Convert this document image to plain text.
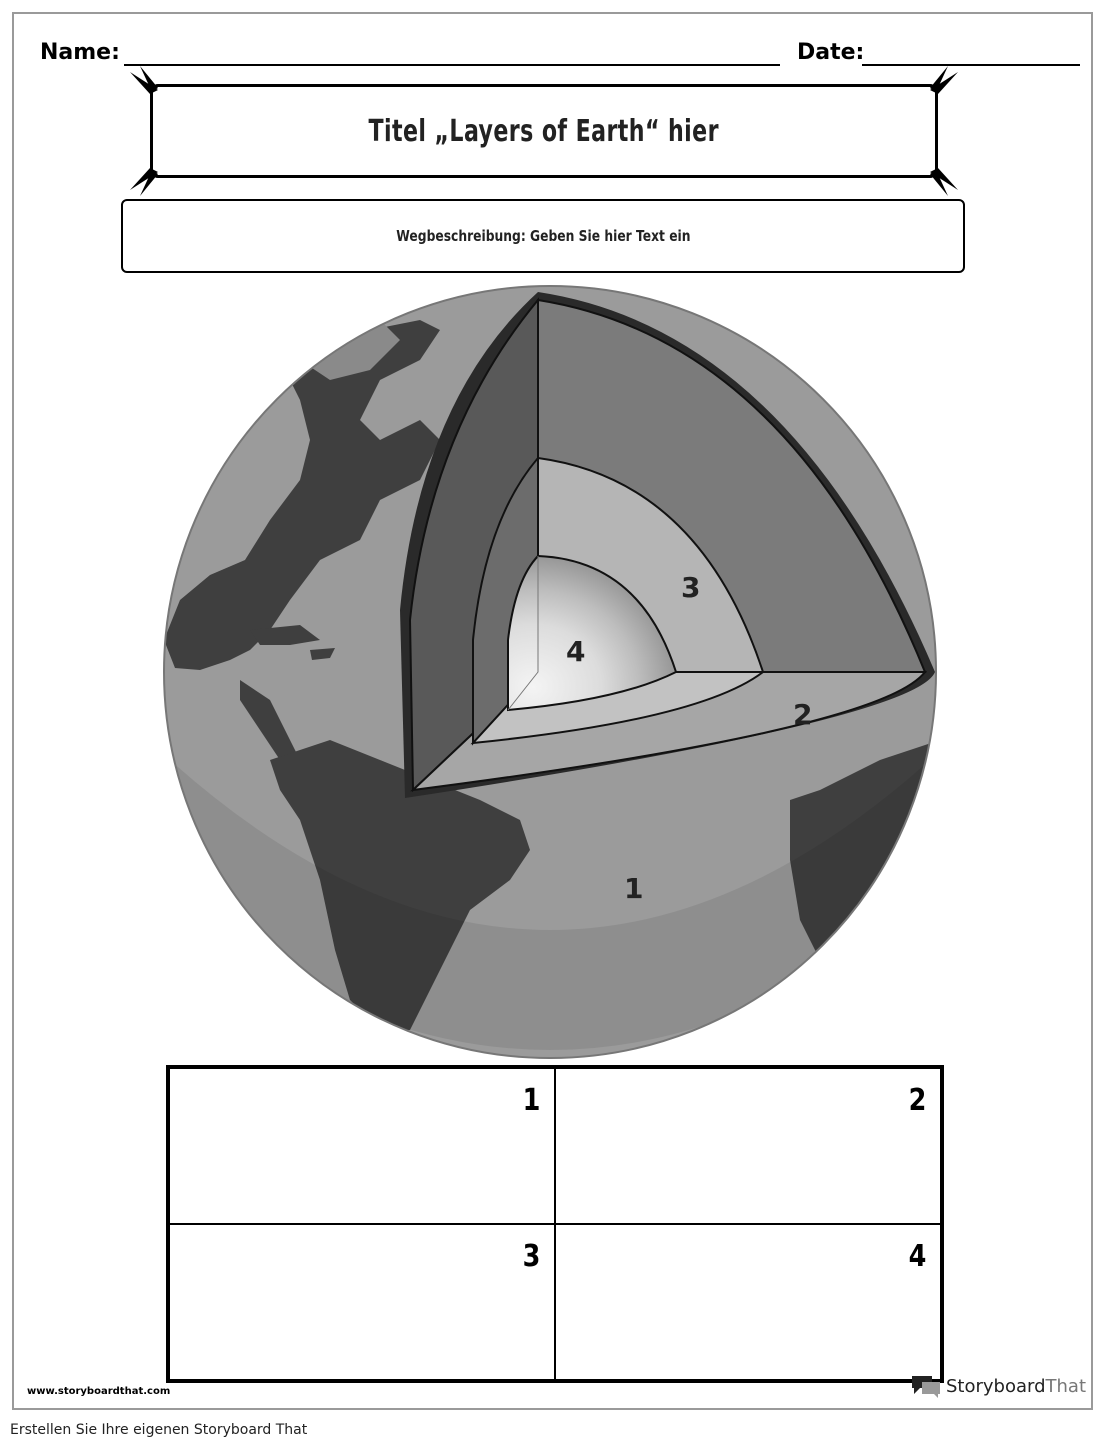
Name:	Date:
Titel „Layers of Earth“ hier
Wegbeschreibung: Geben Sie hier Text ein
1
2
3
4
1	2
3	4
www.storyboardthat.com	StoryboardThat
Erstellen Sie Ihre eigenen Storyboard That
